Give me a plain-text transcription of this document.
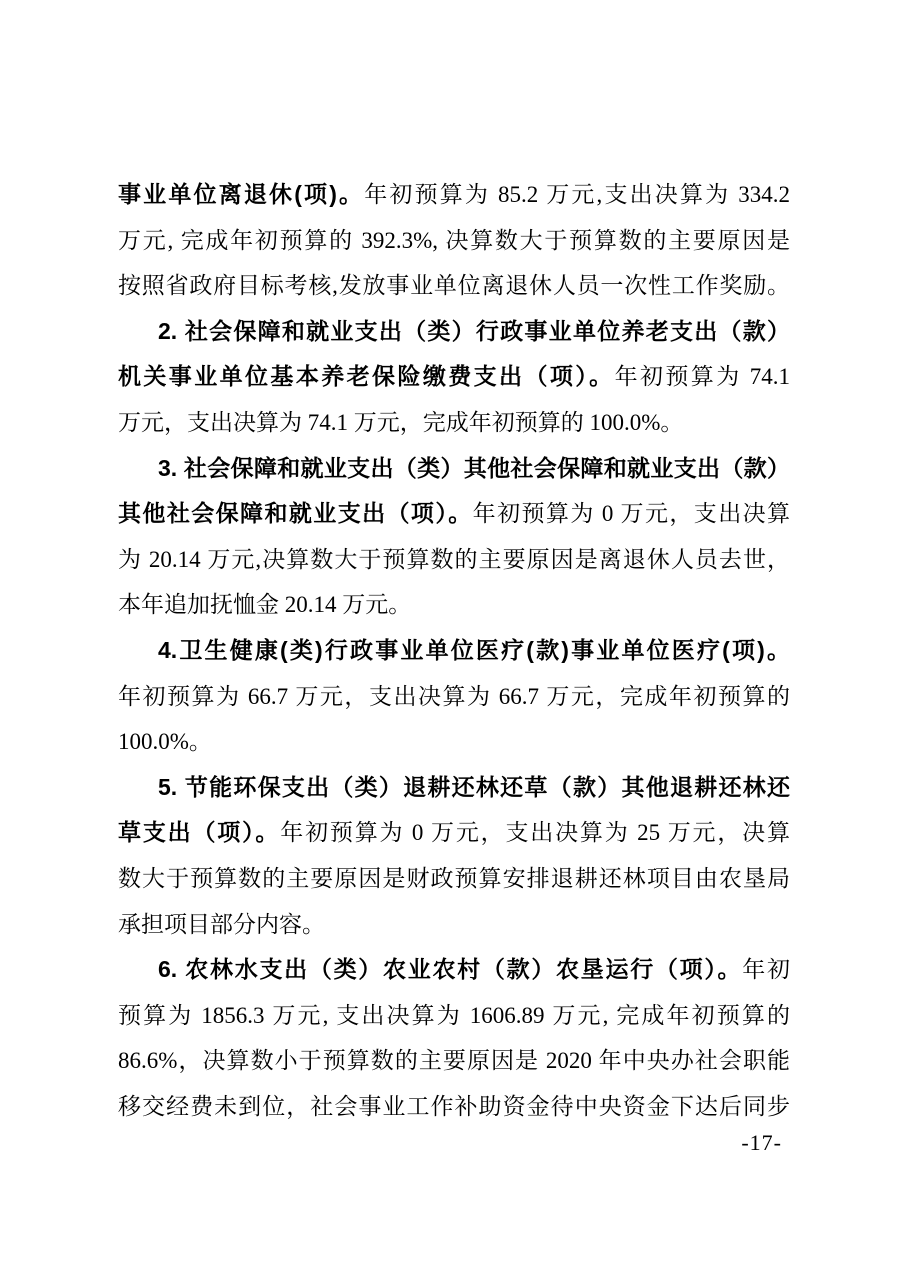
事业单位离退休(项)。年初预算为 85.2 万元,支出决算为 334.2
万元, 完成年初预算的 392.3%, 决算数大于预算数的主要原因是
按照省政府目标考核,发放事业单位离退休人员一次性工作奖励。
2. 社会保障和就业支出（类）行政事业单位养老支出（款）
机关事业单位基本养老保险缴费支出（项）。年初预算为 74.1
万元，支出决算为 74.1 万元，完成年初预算的 100.0%。
3. 社会保障和就业支出（类）其他社会保障和就业支出（款）
其他社会保障和就业支出（项）。年初预算为 0 万元，支出决算
为 20.14 万元,决算数大于预算数的主要原因是离退休人员去世，
本年追加抚恤金 20.14 万元。
4.卫生健康(类)行政事业单位医疗(款)事业单位医疗(项)。
年初预算为 66.7 万元，支出决算为 66.7 万元，完成年初预算的
100.0%。
5. 节能环保支出（类）退耕还林还草（款）其他退耕还林还
草支出（项）。年初预算为 0 万元，支出决算为 25 万元，决算
数大于预算数的主要原因是财政预算安排退耕还林项目由农垦局
承担项目部分内容。
6. 农林水支出（类）农业农村（款）农垦运行（项）。年初
预算为 1856.3 万元, 支出决算为 1606.89 万元, 完成年初预算的
86.6%，决算数小于预算数的主要原因是 2020 年中央办社会职能
移交经费未到位，社会事业工作补助资金待中央资金下达后同步
-17-
